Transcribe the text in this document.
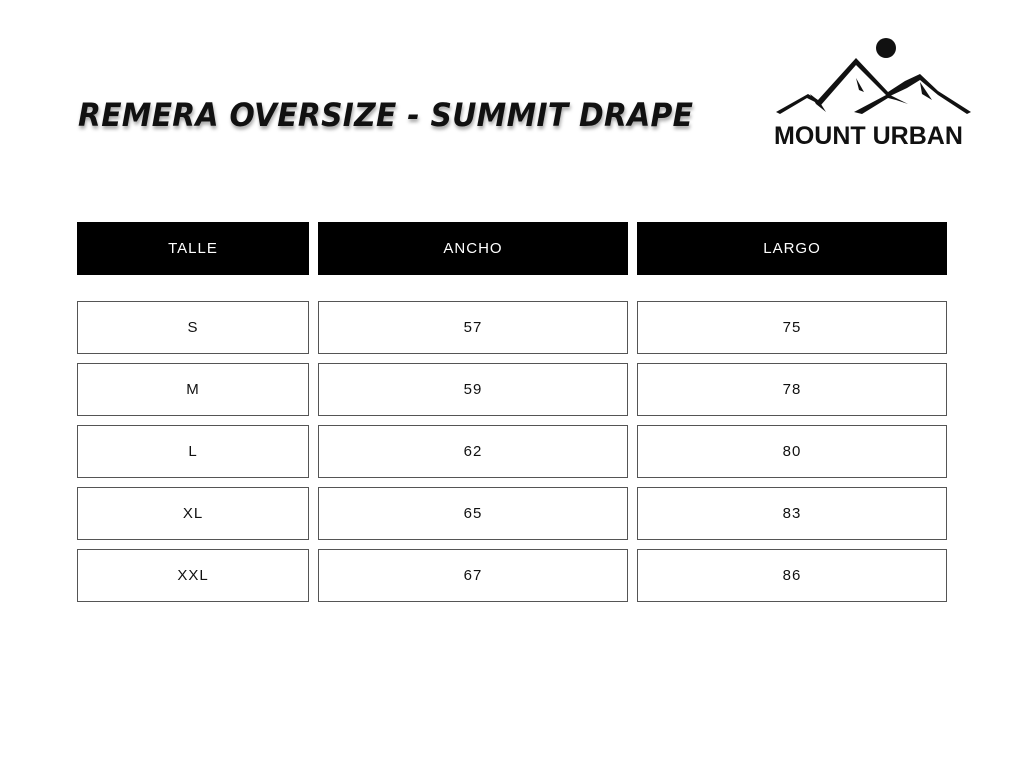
REMERA OVERSIZE - SUMMIT DRAPE
MOUNT URBAN
TALLE	ANCHO	LARGO
S	57	75
M	59	78
L	62	80
XL	65	83
XXL	67	86
